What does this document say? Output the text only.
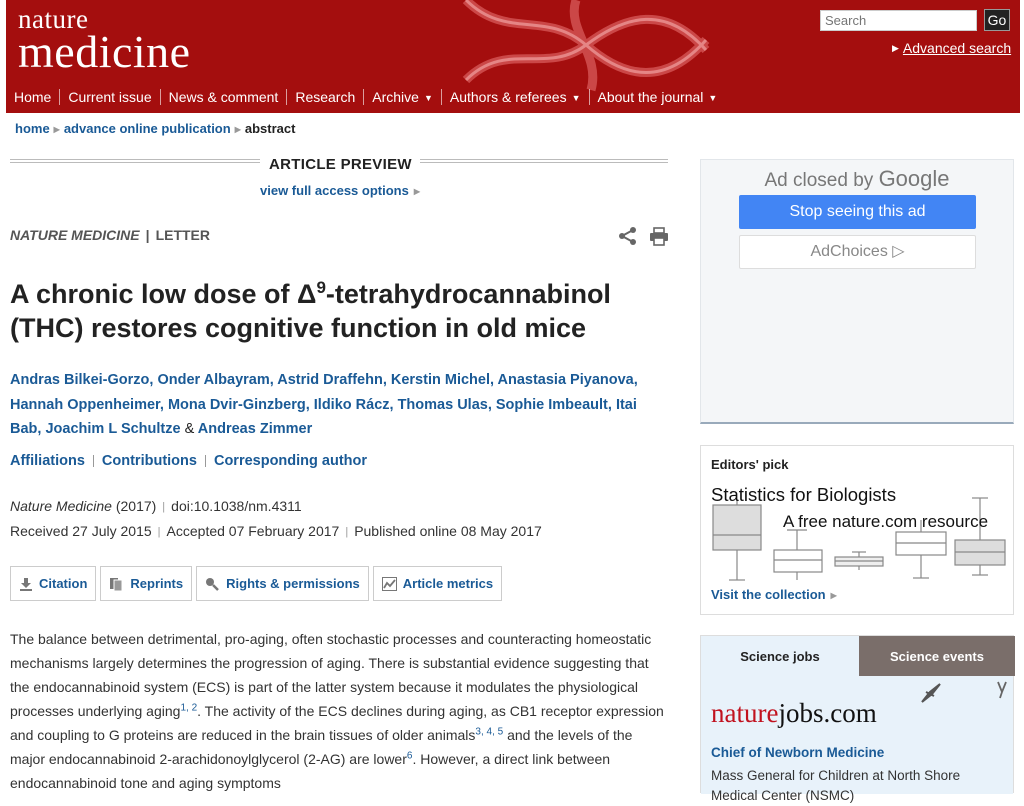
nature
medicine
Search
Go
▶ Advanced search
Home	Current issue	News & comment	Research	Archive ▼	Authors & referees ▼	About the journal ▼
home ▶ advance online publication ▶ abstract
ARTICLE PREVIEW
view full access options ▶
NATURE MEDICINE | LETTER
A chronic low dose of $\Delta^9$-tetrahydrocannabinol (THC) restores cognitive function in old mice
Andras Bilkei-Gorzo, Onder Albayram, Astrid Draffehn, Kerstin Michel, Anastasia Piyanova, Hannah Oppenheimer, Mona Dvir-Ginzberg, Ildiko Rácz, Thomas Ulas, Sophie Imbeault, Itai Bab, Joachim L Schultze & Andreas Zimmer
Affiliations Contributions Corresponding author
Nature Medicine (2017) | doi:10.1038/nm.4311
Received 27 July 2015 | Accepted 07 February 2017 | Published online 08 May 2017
Citation	Reprints	Rights & permissions	Article metrics

The balance between detrimental, pro-aging, often stochastic processes and counteracting homeostatic mechanisms largely determines the progression of aging. There is substantial evidence suggesting that the endocannabinoid system (ECS) is part of the latter system because it modulates the physiological processes underlying aging$^{1, 2}$. The activity of the ECS declines during aging, as CB1 receptor expression and coupling to G proteins are reduced in the brain tissues of older animals$^{3, 4, 5}$ and the levels of the major endocannabinoid 2-arachidonoylglycerol (2-AG) are lower$^6$. However, a direct link between endocannabinoid tone and aging symptoms

Ad closed by Google
Stop seeing this ad
AdChoices ▷
Editors' pick
Statistics for Biologists
A free nature.com resource
Visit the collection ▶
Science jobs	Science events
naturejobs.com
Chief of Newborn Medicine
Mass General for Children at North Shore Medical Center (NSMC)
